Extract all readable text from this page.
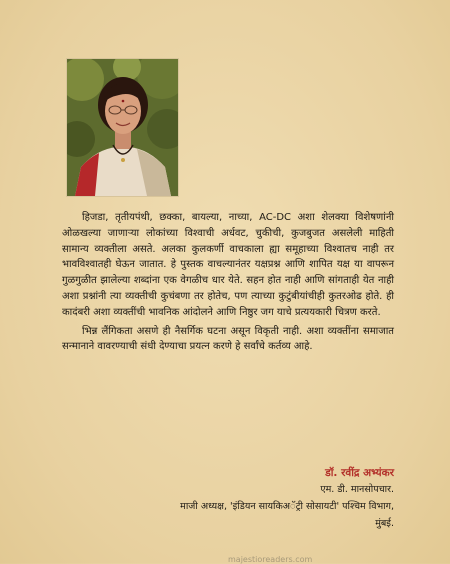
हिजडा, तृतीयपंथी, छक्का, बायल्या, नाच्या, AC-DC अशा शेलक्या विशेषणांनी ओळखल्या जाणाऱ्या लोकांच्या विश्वाची अर्धवट, चुकीची, कुजबुजत असलेली माहिती सामान्य व्यक्तीला असते. अलका कुलकर्णी वाचकाला ह्या समूहाच्या विश्वातच नाही तर भावविश्वातही घेऊन जातात. हे पुस्तक वाचल्यानंतर यक्षप्रश्न आणि शापित यक्ष या वापरून गुळगुळीत झालेल्या शब्दांना एक वेगळीच धार येते. सहन होत नाही आणि सांगताही येत नाही अशा प्रश्नांनी त्या व्यक्तीची कुचंबणा तर होतेच, पण त्याच्या कुटुंबीयांचीही कुतरओढ होते. ही कादंबरी अशा व्यक्तींची भावनिक आंदोलने आणि निष्ठुर जग याचे प्रत्ययकारी चित्रण करते.

भिन्न लैंगिकता असणे ही नैसर्गिक घटना असून विकृती नाही. अशा व्यक्तींना समाजात सन्मानाने वावरण्याची संधी देण्याचा प्रयत्न करणे हे सर्वांचे कर्तव्य आहे.

डॉ. रवींद्र अभ्यंकर
एम. डी. मानसोपचार.
माजी अध्यक्ष, 'इंडियन सायकिअॅट्री सोसायटी' पश्चिम विभाग,
मुंबई.
majestioreaders.com
